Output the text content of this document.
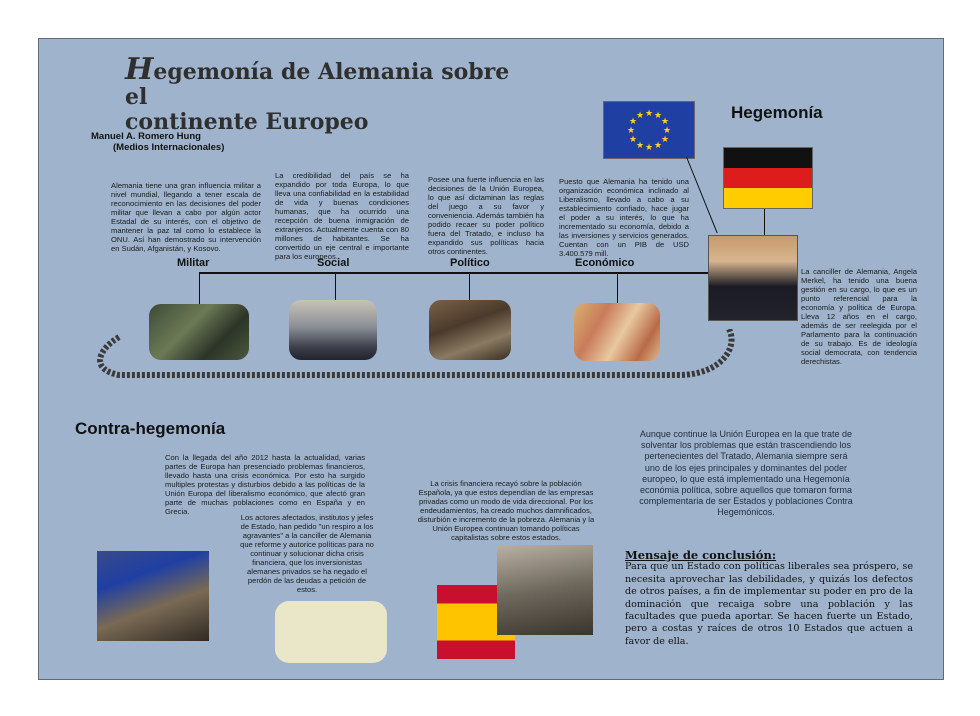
Hegemonía de Alemania sobre el
continente Europeo
Manuel A. Romero Hung
(Medios Internacionales)
★ ★
★
★
★
★
★
★
★
★
★
★	Hegemonía
Alemania tiene una gran influencia militar a nivel mundial, llegando a tener escala de reconocimiento en las decisiones del poder militar que llevan a cabo por algún actor Estadal de su interés, con el objetivo de mantener la paz tal como lo establece la ONU. Así han demostrado su intervención en Sudán, Afganistán, y Kosovo.
La credibilidad del país se ha expandido por toda Europa, lo que lleva una confiabilidad en la estabilidad de vida y buenas condiciones humanas, que ha ocurrido una recepción de buena inmigración de extranjeros. Actualmente cuenta con 80 millones de habitantes. Se ha convertido un eje central e importante para los europeos.
Posee una fuerte influencia en las decisiones de la Unión Europea, lo que así dictaminan las reglas del juego a su favor y conveniencia. Además también ha podido recaer su poder político fuera del Tratado, e incluso ha expandido sus políticas hacia otros continentes.
Puesto que Alemania ha tenido una organización económica inclinado al Liberalismo, llevado a cabo a su establecimiento confiado, hace jugar el poder a su interés, lo que ha incrementado su economía, debido a las inversiones y servicios generados. Cuentan con un PIB de USD 3.400.579 mill.
Militar	Social	Político	Económico
La canciller de Alemania, Angela Merkel, ha tenido una buena gestión en su cargo, lo que es un punto referencial para la economía y política de Europa. Lleva 12 años en el cargo, además de ser reelegida por el Parlamento para la continuación de su trabajo. Es de ideología social democrata, con tendencia derechistas.
Contra-hegemonía
Con la llegada del año 2012 hasta la actualidad, varias partes de Europa han presenciado problemas financieros, llevado hasta una crisis económica. Por esto ha surgido multiples protestas y disturbios debido a las políticas de la Unión Europa del liberalismo económico, que afectó gran parte de muchas poblaciones como en España y en Grecia.
Los actores afectados, institutos y jefes de Estado, han pedido "un respiro a los agravantes" a la canciller de Alemania que reforme y autorice políticas para no continuar y solucionar dicha crisis financiera, que los inversionistas alemanes privados se ha negado el perdón de las deudas a petición de estos.
La crisis financiera recayó sobre la población Española, ya que estos dependían de las empresas privadas como un modo de vida direccional. Por los endeudamientos, ha creado muchos damnificados, disturbión e incremento de la pobreza. Alemania y la Unión Europea continuan tomando políticas capitalistas sobre estos estados.
Aunque continue la Unión Europea en la que trate de solventar los problemas que están trascendiendo los pertenecientes del Tratado, Alemania siempre será uno de los ejes principales y dominantes del poder europeo, lo que está implementado una Hegemonía económia política, sobre aquellos que tomaron forma complementaria de ser Estados y poblaciones Contra Hegemónicos.
Mensaje de conclusión:
Para que un Estado con políticas liberales sea próspero, se necesita aprovechar las debilidades, y quizás los defectos de otros países, a fin de implementar su poder en pro de la dominación que recaiga sobre una población y las facultades que pueda aportar. Se hacen fuerte un Estado, pero a costas y raíces de otros 10 Estados que actuen a favor de ella.
